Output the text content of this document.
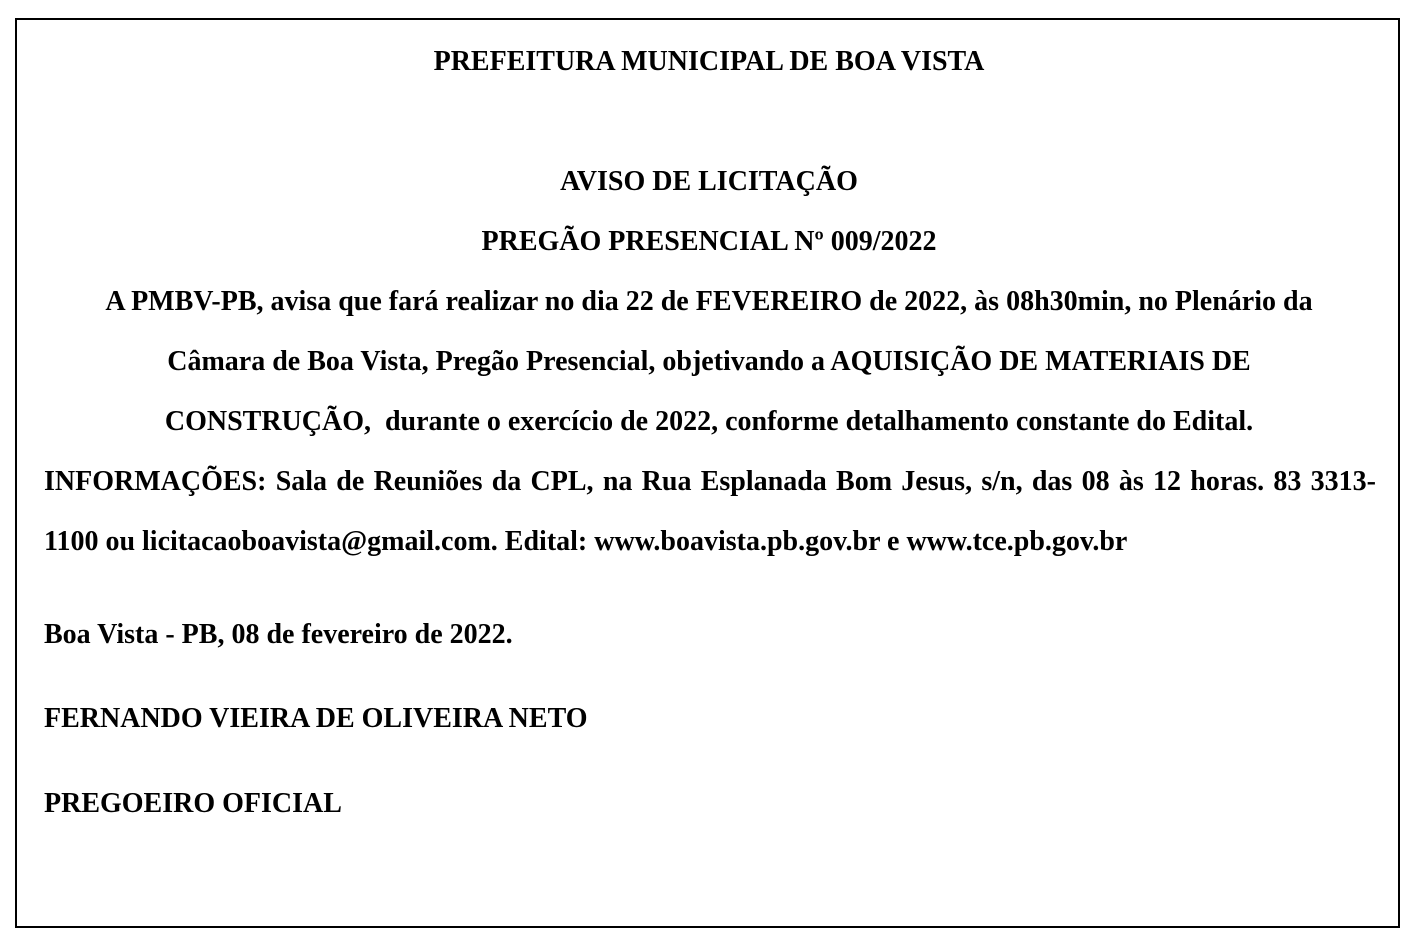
PREFEITURA MUNICIPAL DE BOA VISTA
AVISO DE LICITAÇÃO
PREGÃO PRESENCIAL Nº 009/2022
A PMBV-PB, avisa que fará realizar no dia 22 de FEVEREIRO de 2022, às 08h30min, no Plenário da
Câmara de Boa Vista, Pregão Presencial, objetivando a AQUISIÇÃO DE MATERIAIS DE
CONSTRUÇÃO,  durante o exercício de 2022, conforme detalhamento constante do Edital.
INFORMAÇÕES: Sala de Reuniões da CPL, na Rua Esplanada Bom Jesus, s/n, das 08 às 12 horas. 83 3313-
1100 ou licitacaoboavista@gmail.com. Edital: www.boavista.pb.gov.br e www.tce.pb.gov.br
Boa Vista - PB, 08 de fevereiro de 2022.
FERNANDO VIEIRA DE OLIVEIRA NETO
PREGOEIRO OFICIAL
